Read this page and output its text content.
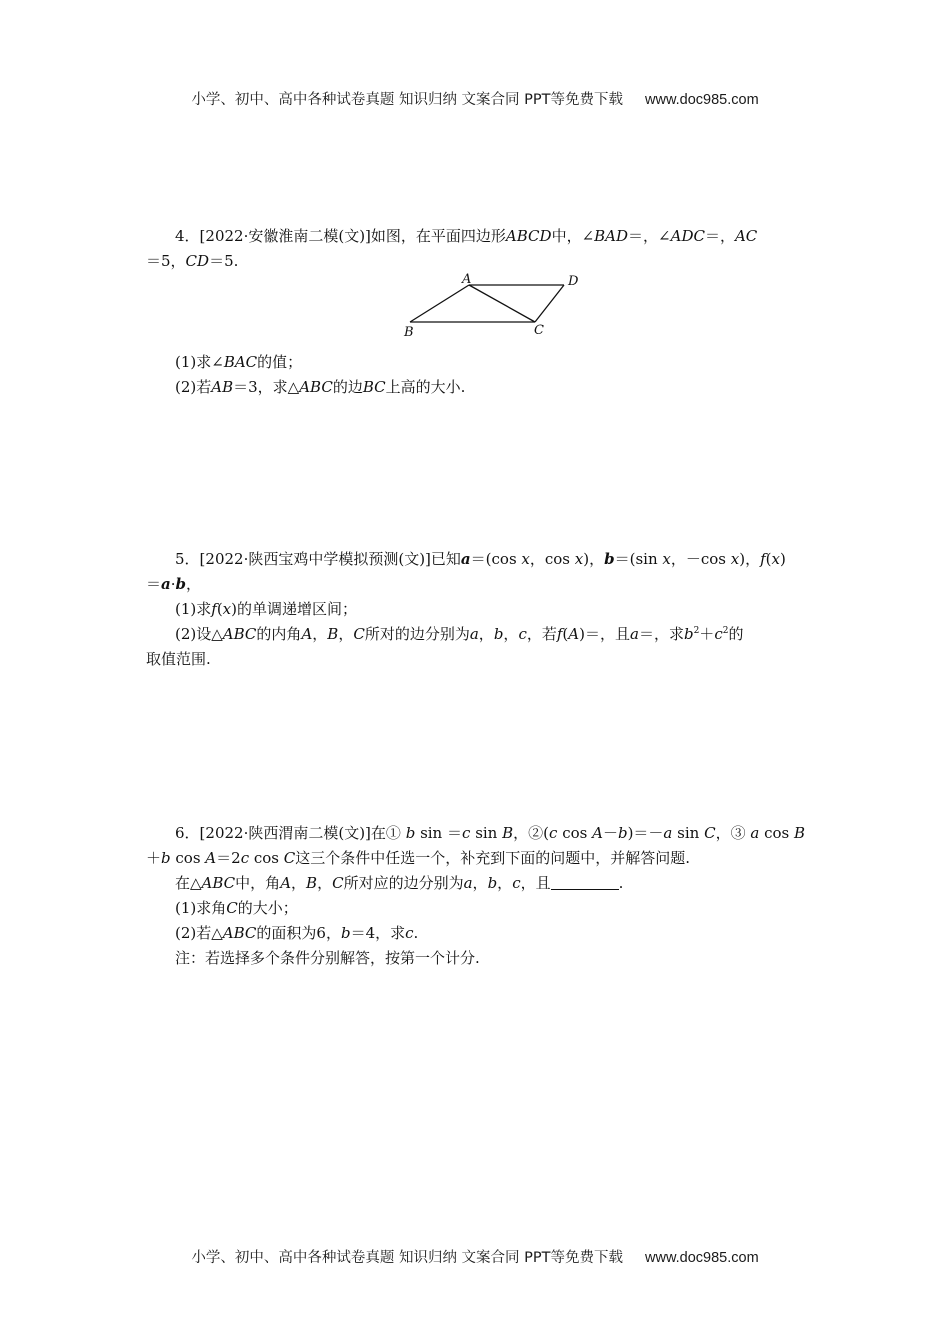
小学、初中、高中各种试卷真题 知识归纳 文案合同 PPT等免费下载 www.doc985.com
4．[2022·安徽淮南二模(文)]如图，在平面四边形ABCD中，∠BAD＝，∠ADC＝，AC
＝5，CD＝5.
A	D
B	C
(1)求∠BAC的值；
(2)若AB＝3，求△ABC的边BC上高的大小.
5．[2022·陕西宝鸡中学模拟预测(文)]已知a＝(cos x，cos x)，b＝(sin x，－cos x)，f(x)
＝a·b，
(1)求f(x)的单调递增区间；
(2)设△ABC的内角A，B，C所对的边分别为a，b，c，若f(A)＝，且a＝，求$b^2+c^2$的
取值范围.
6．[2022·陕西渭南二模(文)]在① b sin ＝c sin B，②(c cos A－b)＝－a sin C，③ a cos B
＋b cos A＝2c cos C这三个条件中任选一个，补充到下面的问题中，并解答问题.
在△ABC中，角A，B，C所对应的边分别为a，b，c，且	.
(1)求角C的大小；
(2)若△ABC的面积为6，b＝4，求c.
注：若选择多个条件分别解答，按第一个计分.
小学、初中、高中各种试卷真题 知识归纳 文案合同 PPT等免费下载 www.doc985.com
